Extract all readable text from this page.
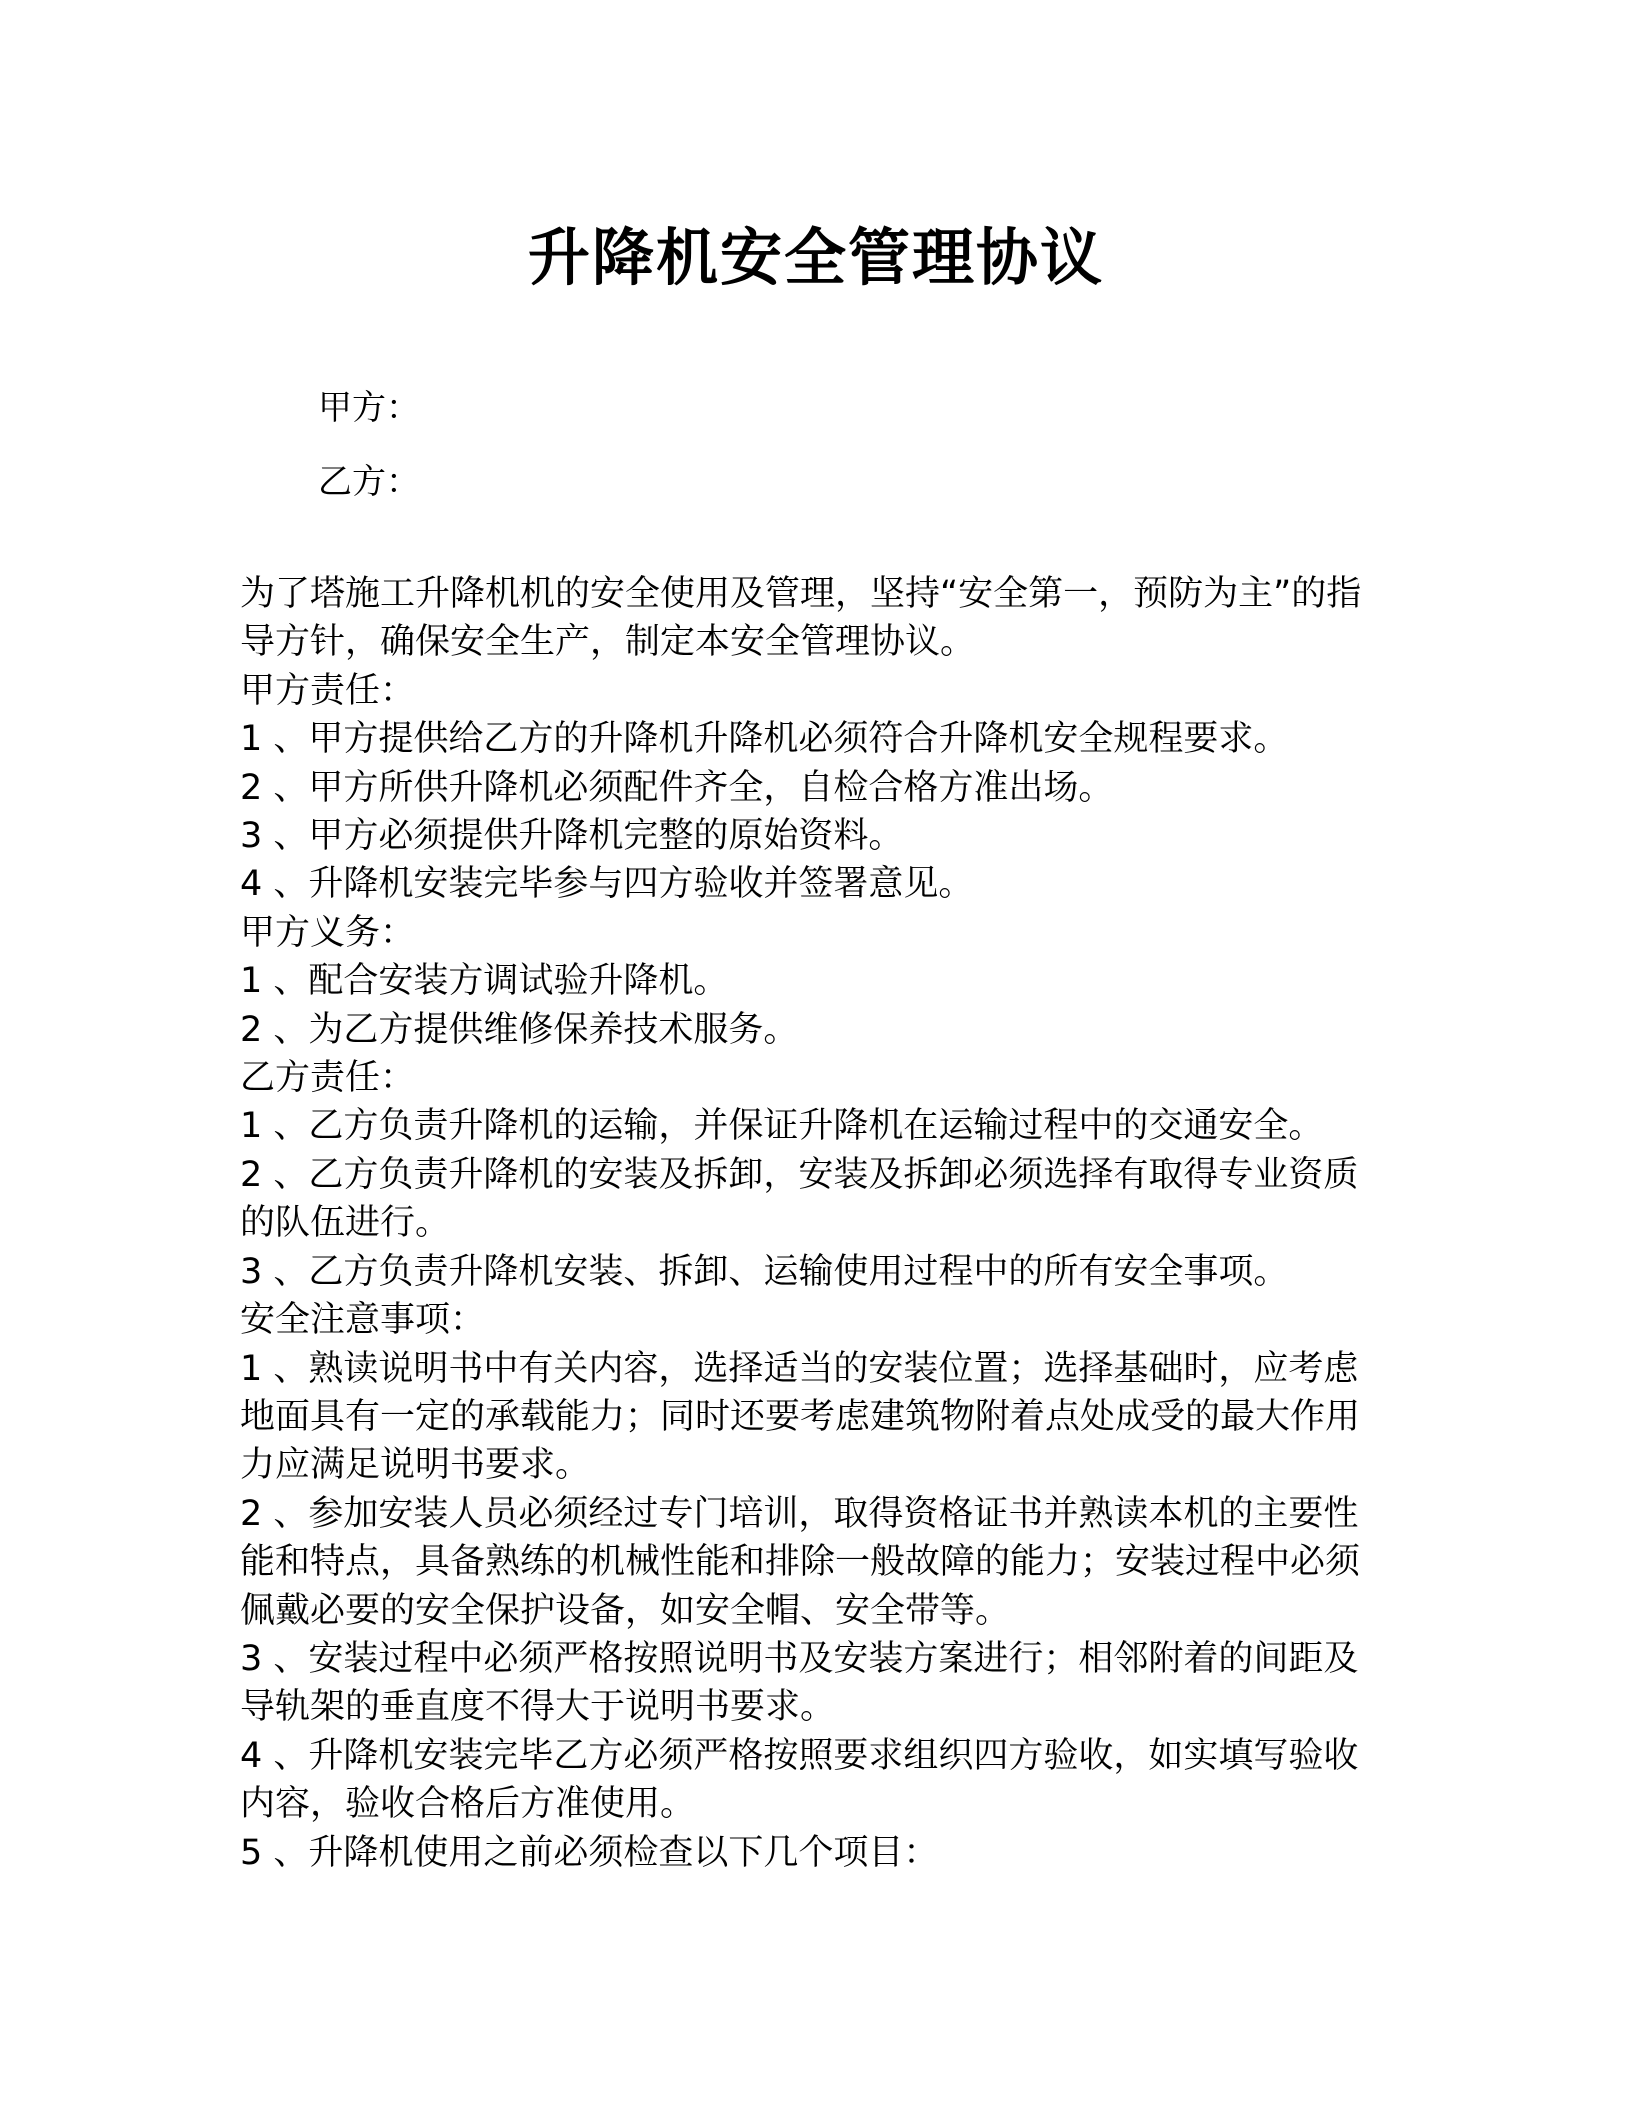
升降机安全管理协议
甲方：
乙方：

为了塔施工升降机机的安全使用及管理，坚持“安全第一，预防为主”的指导方针，确保安全生产，制定本安全管理协议。

甲方责任：

1 、甲方提供给乙方的升降机升降机必须符合升降机安全规程要求。

2 、甲方所供升降机必须配件齐全，自检合格方准出场。

3 、甲方必须提供升降机完整的原始资料。

4 、升降机安装完毕参与四方验收并签署意见。

甲方义务：

1 、配合安装方调试验升降机。

2 、为乙方提供维修保养技术服务。

乙方责任：

1 、乙方负责升降机的运输，并保证升降机在运输过程中的交通安全。

2 、乙方负责升降机的安装及拆卸，安装及拆卸必须选择有取得专业资质的队伍进行。

3 、乙方负责升降机安装、拆卸、运输使用过程中的所有安全事项。

安全注意事项：

1 、熟读说明书中有关内容，选择适当的安装位置；选择基础时，应考虑地面具有一定的承载能力；同时还要考虑建筑物附着点处成受的最大作用力应满足说明书要求。

2 、参加安装人员必须经过专门培训，取得资格证书并熟读本机的主要性能和特点，具备熟练的机械性能和排除一般故障的能力；安装过程中必须佩戴必要的安全保护设备，如安全帽、安全带等。

3 、安装过程中必须严格按照说明书及安装方案进行；相邻附着的间距及导轨架的垂直度不得大于说明书要求。

4 、升降机安装完毕乙方必须严格按照要求组织四方验收，如实填写验收内容，验收合格后方准使用。

5 、升降机使用之前必须检查以下几个项目：
